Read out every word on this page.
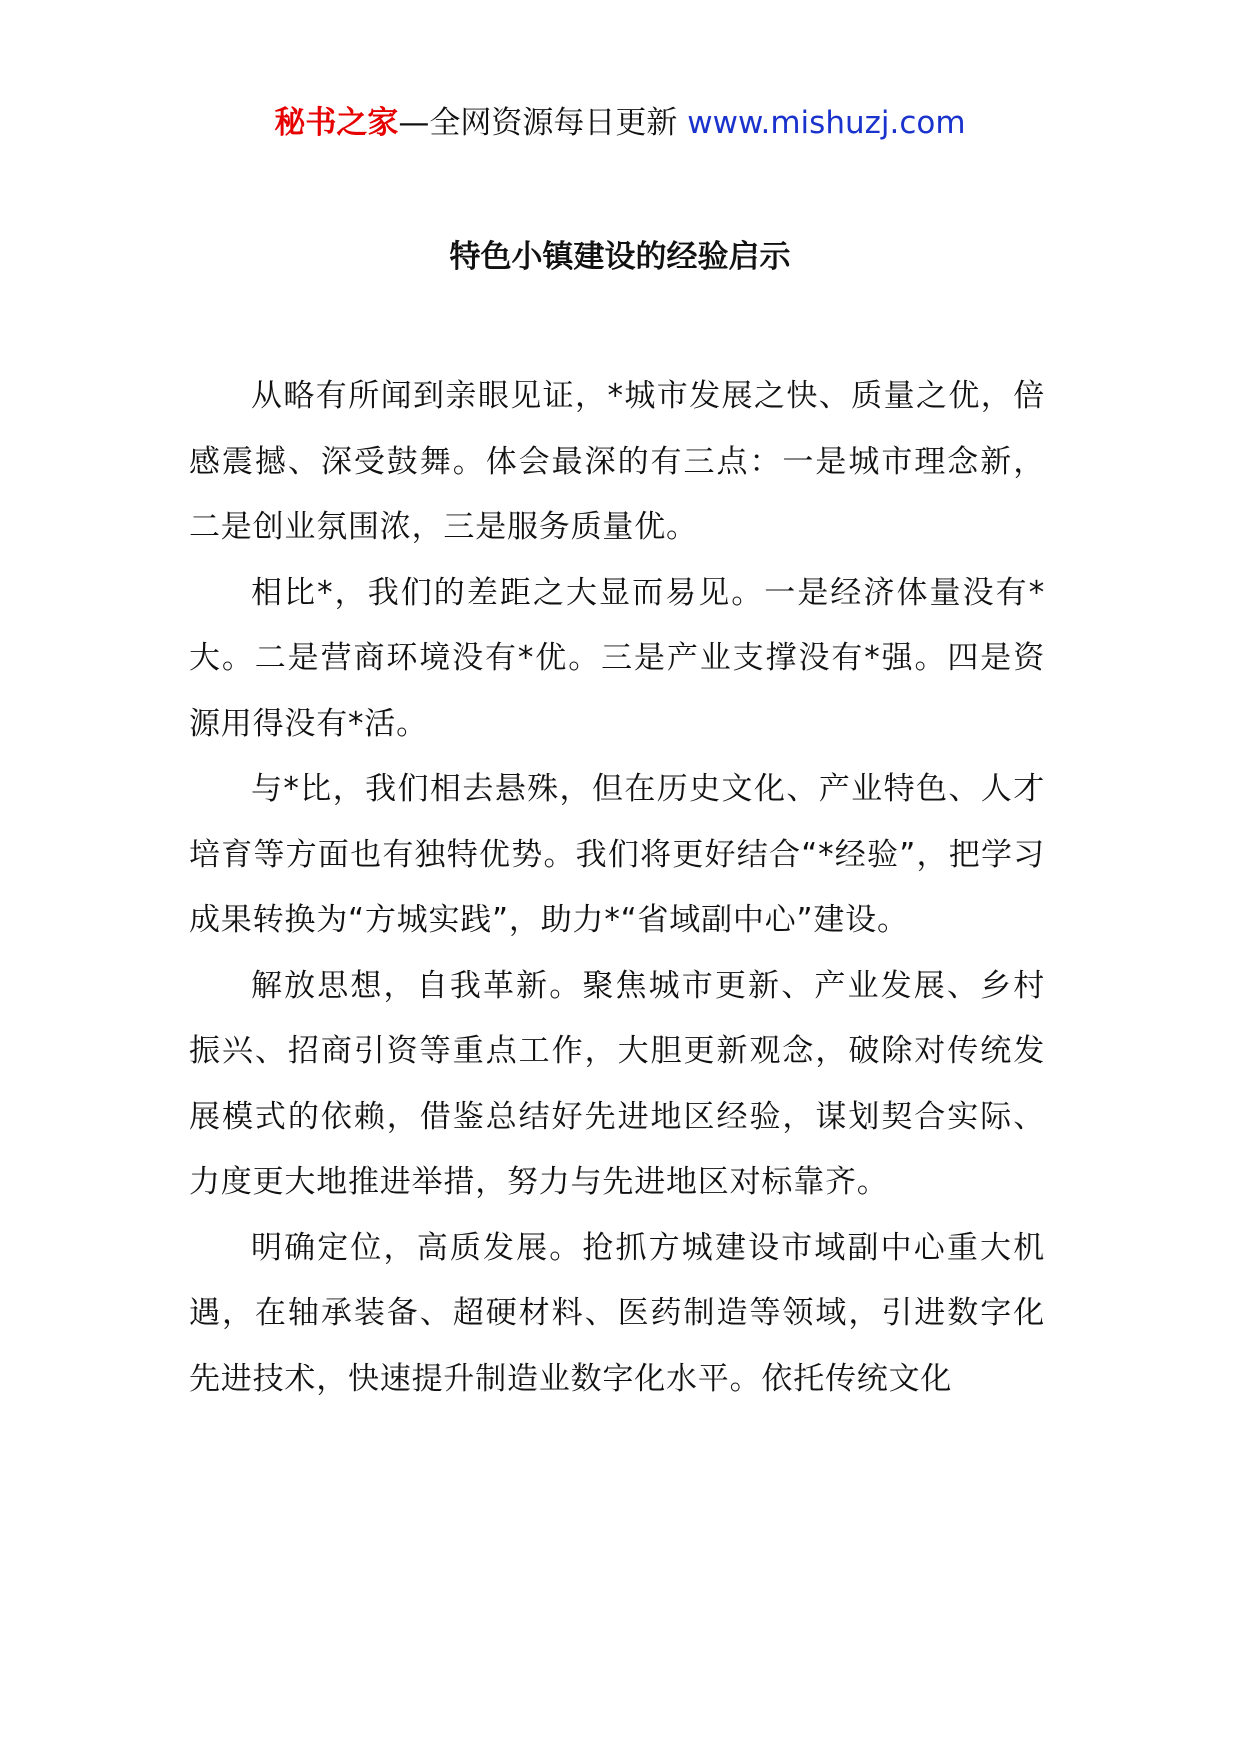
秘书之家—全网资源每日更新 www.mishuzj.com
特色小镇建设的经验启示

从略有所闻到亲眼见证，*城市发展之快、质量之优，倍感震撼、深受鼓舞。体会最深的有三点：一是城市理念新，二是创业氛围浓，三是服务质量优。

相比*，我们的差距之大显而易见。一是经济体量没有*大。二是营商环境没有*优。三是产业支撑没有*强。四是资源用得没有*活。

与*比，我们相去悬殊，但在历史文化、产业特色、人才培育等方面也有独特优势。我们将更好结合“*经验”，把学习成果转换为“方城实践”，助力*“省域副中心”建设。

解放思想，自我革新。聚焦城市更新、产业发展、乡村振兴、招商引资等重点工作，大胆更新观念，破除对传统发展模式的依赖，借鉴总结好先进地区经验，谋划契合实际、力度更大地推进举措，努力与先进地区对标靠齐。

明确定位，高质发展。抢抓方城建设市域副中心重大机遇，在轴承装备、超硬材料、医药制造等领域，引进数字化先进技术，快速提升制造业数字化水平。依托传统文化
